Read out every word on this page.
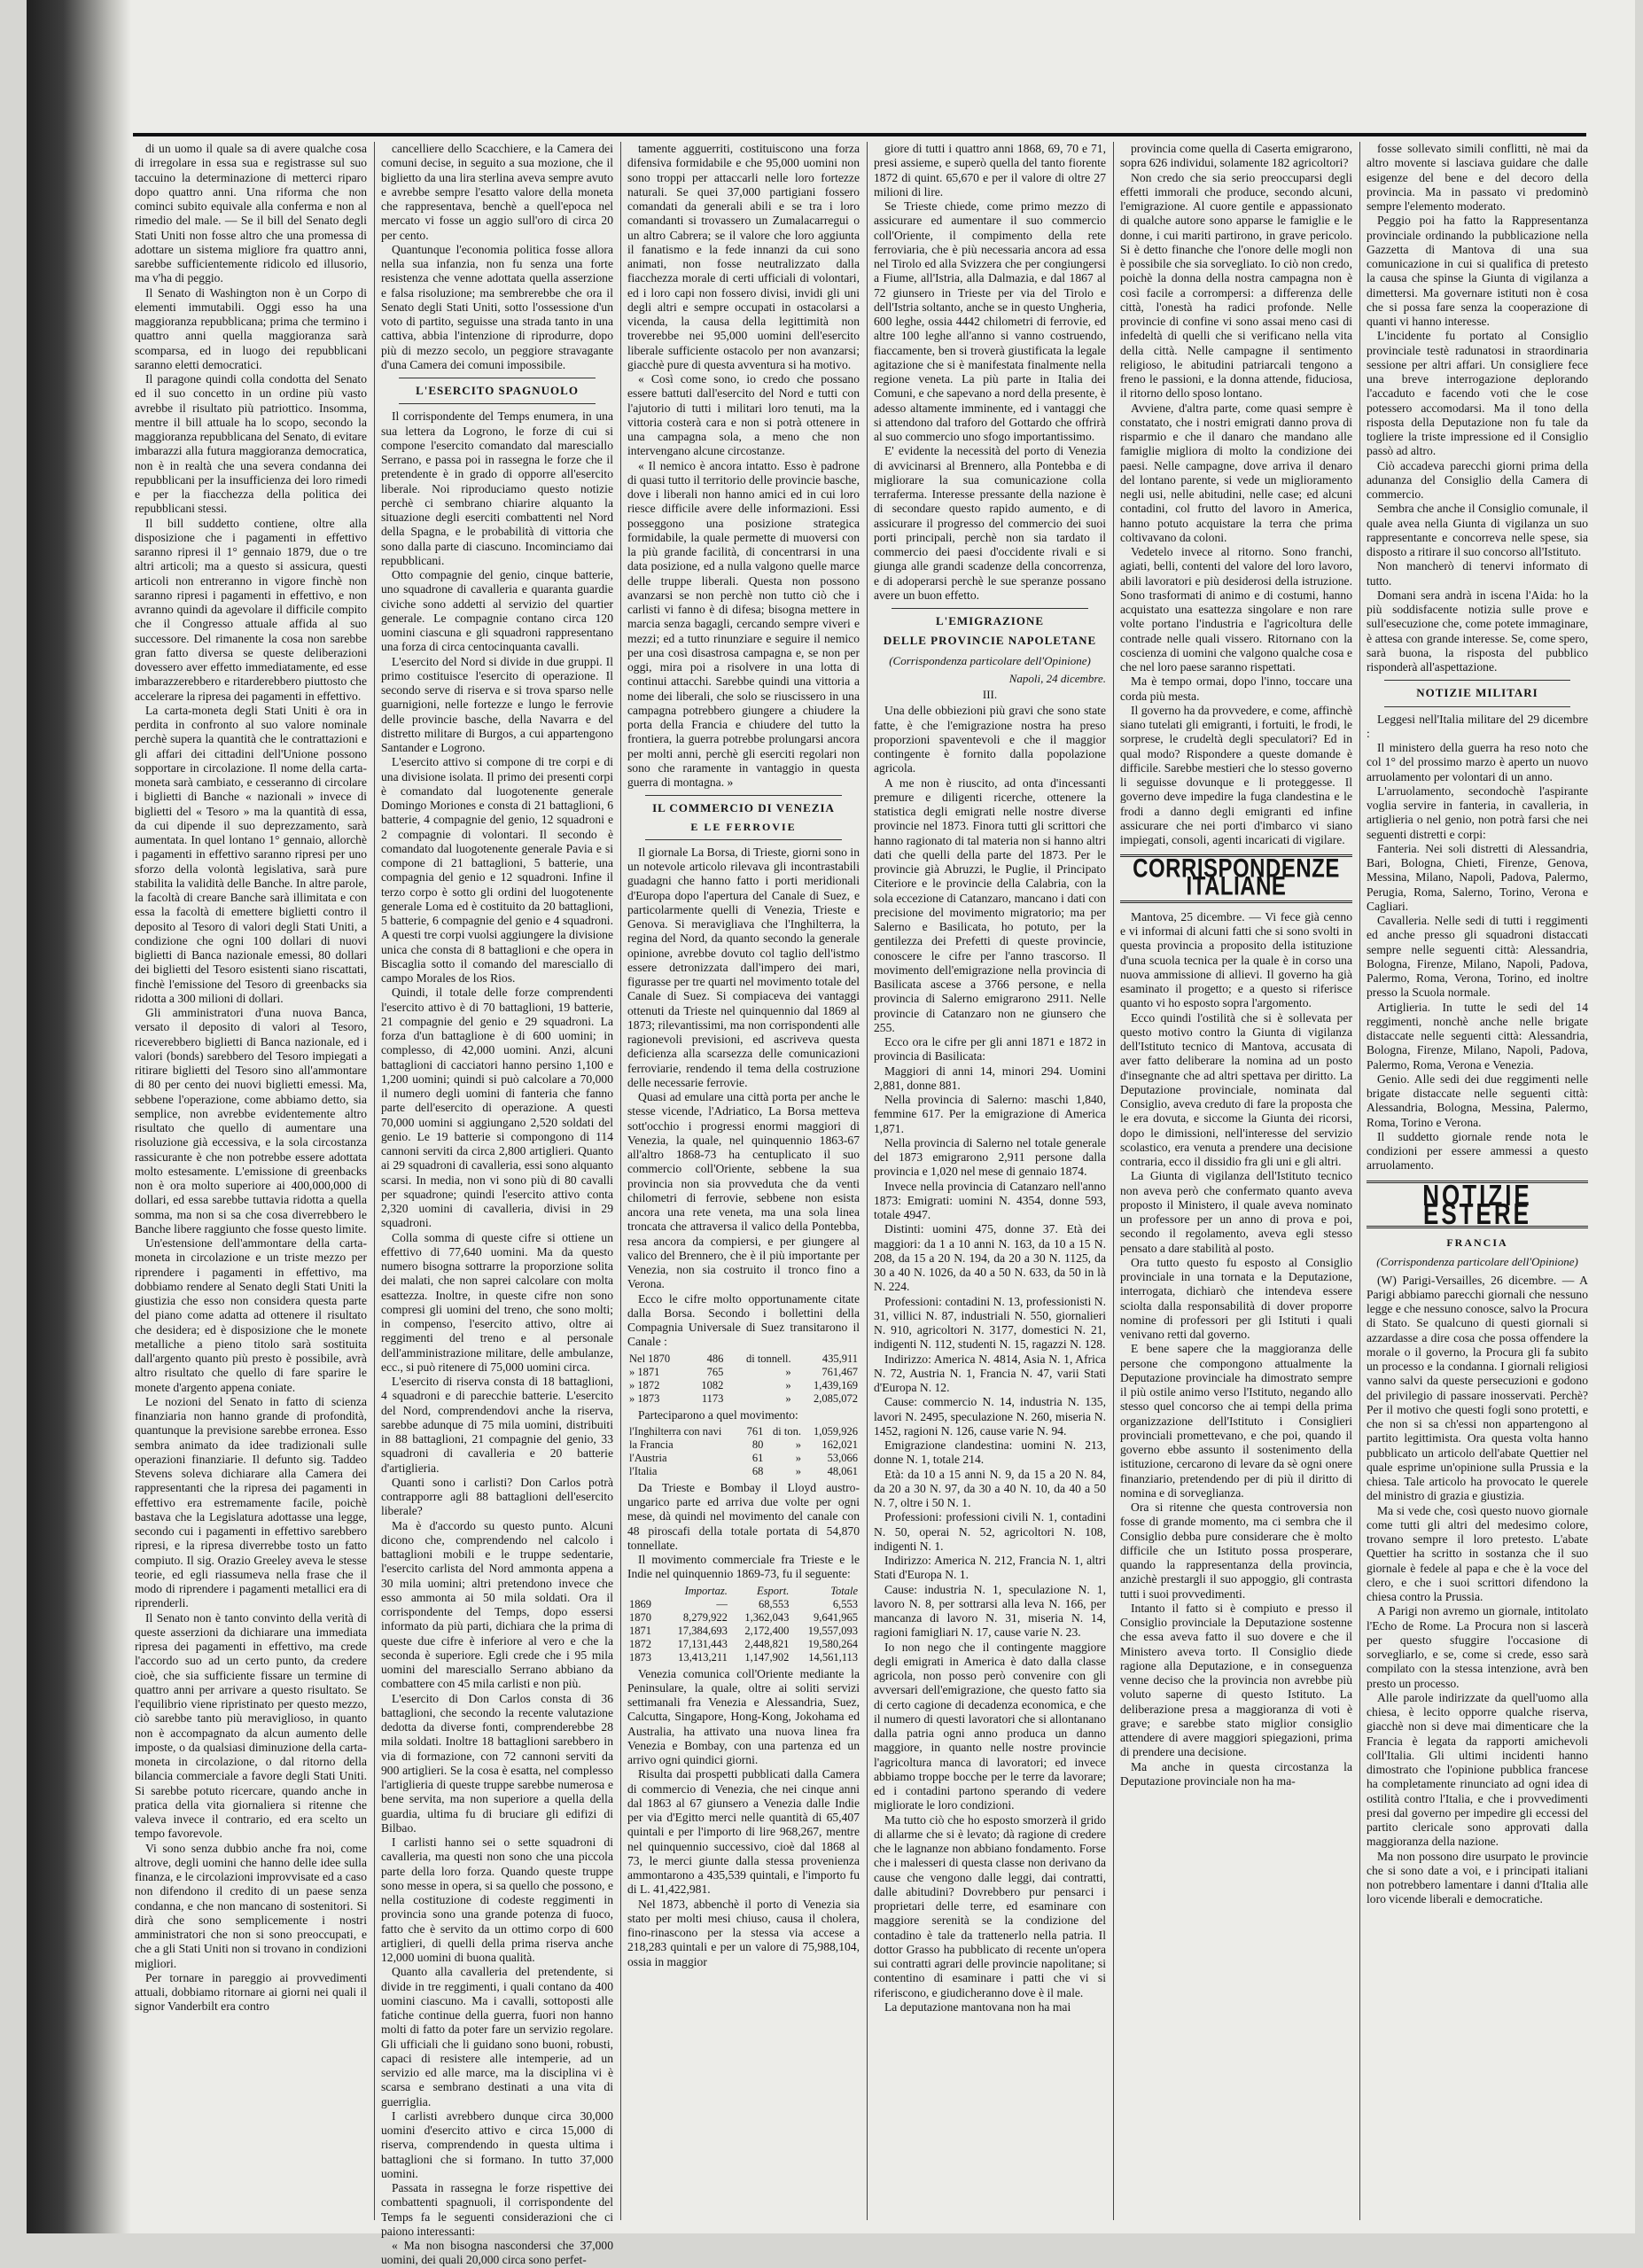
di un uomo il quale sa di avere qualche cosa di irregolare in essa sua e registrasse sul suo taccuino la determinazione di metterci riparo dopo quattro anni. Una riforma che non cominci subito equivale alla conferma e non al rimedio del male. — Se il bill del Senato degli Stati Uniti non fosse altro che una promessa di adottare un sistema migliore fra quattro anni, sarebbe sufficientemente ridicolo ed illusorio, ma v'ha di peggio.

Il Senato di Washington non è un Corpo di elementi immutabili. Oggi esso ha una maggioranza repubblicana; prima che termino i quattro anni quella maggioranza sarà scomparsa, ed in luogo dei repubblicani saranno eletti democratici.

Il paragone quindi colla condotta del Senato ed il suo concetto in un ordine più vasto avrebbe il risultato più patriottico. Insomma, mentre il bill attuale ha lo scopo, secondo la maggioranza repubblicana del Senato, di evitare imbarazzi alla futura maggioranza democratica, non è in realtà che una severa condanna dei repubblicani per la insufficienza dei loro rimedi e per la fiacchezza della politica dei repubblicani stessi.

Il bill suddetto contiene, oltre alla disposizione che i pagamenti in effettivo saranno ripresi il 1° gennaio 1879, due o tre altri articoli; ma a questo si assicura, questi articoli non entreranno in vigore finchè non saranno ripresi i pagamenti in effettivo, e non avranno quindi da agevolare il difficile compito che il Congresso attuale affida al suo successore. Del rimanente la cosa non sarebbe gran fatto diversa se queste deliberazioni dovessero aver effetto immediatamente, ed esse imbarazzerebbero e ritarderebbero piuttosto che accelerare la ripresa dei pagamenti in effettivo.

La carta-moneta degli Stati Uniti è ora in perdita in confronto al suo valore nominale perchè supera la quantità che le contrattazioni e gli affari dei cittadini dell'Unione possono sopportare in circolazione. Il nome della carta-moneta sarà cambiato, e cesseranno di circolare i biglietti di Banche « nazionali » invece di biglietti del « Tesoro » ma la quantità di essa, da cui dipende il suo deprezzamento, sarà aumentata. In quel lontano 1° gennaio, allorchè i pagamenti in effettivo saranno ripresi per uno sforzo della volontà legislativa, sarà pure stabilita la validità delle Banche. In altre parole, la facoltà di creare Banche sarà illimitata e con essa la facoltà di emettere biglietti contro il deposito al Tesoro di valori degli Stati Uniti, a condizione che ogni 100 dollari di nuovi biglietti di Banca nazionale emessi, 80 dollari dei biglietti del Tesoro esistenti siano riscattati, finchè l'emissione del Tesoro di greenbacks sia ridotta a 300 milioni di dollari.

Gli amministratori d'una nuova Banca, versato il deposito di valori al Tesoro, riceverebbero biglietti di Banca nazionale, ed i valori (bonds) sarebbero del Tesoro impiegati a ritirare biglietti del Tesoro sino all'ammontare di 80 per cento dei nuovi biglietti emessi. Ma, sebbene l'operazione, come abbiamo detto, sia semplice, non avrebbe evidentemente altro risultato che quello di aumentare una risoluzione già eccessiva, e la sola circostanza rassicurante è che non potrebbe essere adottata molto estesamente. L'emissione di greenbacks non è ora molto superiore ai 400,000,000 di dollari, ed essa sarebbe tuttavia ridotta a quella somma, ma non si sa che cosa diverrebbero le Banche libere raggiunto che fosse questo limite.

Un'estensione dell'ammontare della carta-moneta in circolazione e un triste mezzo per riprendere i pagamenti in effettivo, ma dobbiamo rendere al Senato degli Stati Uniti la giustizia che esso non considera questa parte del piano come adatta ad ottenere il risultato che desidera; ed è disposizione che le monete metalliche a pieno titolo sarà sostituita dall'argento quanto più presto è possibile, avrà altro risultato che quello di fare sparire le monete d'argento appena coniate.

Le nozioni del Senato in fatto di scienza finanziaria non hanno grande di profondità, quantunque la previsione sarebbe erronea. Esso sembra animato da idee tradizionali sulle operazioni finanziarie. Il defunto sig. Taddeo Stevens soleva dichiarare alla Camera dei rappresentanti che la ripresa dei pagamenti in effettivo era estremamente facile, poichè bastava che la Legislatura adottasse una legge, secondo cui i pagamenti in effettivo sarebbero ripresi, e la ripresa diverrebbe tosto un fatto compiuto. Il sig. Orazio Greeley aveva le stesse teorie, ed egli riassumeva nella frase che il modo di riprendere i pagamenti metallici era di riprenderli.

Il Senato non è tanto convinto della verità di queste asserzioni da dichiarare una immediata ripresa dei pagamenti in effettivo, ma crede l'accordo suo ad un certo punto, da credere cioè, che sia sufficiente fissare un termine di quattro anni per arrivare a questo risultato. Se l'equilibrio viene ripristinato per questo mezzo, ciò sarebbe tanto più meraviglioso, in quanto non è accompagnato da alcun aumento delle imposte, o da qualsiasi diminuzione della carta-moneta in circolazione, o dal ritorno della bilancia commerciale a favore degli Stati Uniti. Si sarebbe potuto ricercare, quando anche in pratica della vita giornaliera si ritenne che valeva invece il contrario, ed era scelto un tempo favorevole.

Vi sono senza dubbio anche fra noi, come altrove, degli uomini che hanno delle idee sulla finanza, e le circolazioni improvvisate ed a caso non difendono il credito di un paese senza condanna, e che non mancano di sostenitori. Si dirà che sono semplicemente i nostri amministratori che non si sono preoccupati, e che a gli Stati Uniti non si trovano in condizioni migliori.

Per tornare in pareggio ai provvedimenti attuali, dobbiamo ritornare ai giorni nei quali il signor Vanderbilt era contro

cancelliere dello Scacchiere, e la Camera dei comuni decise, in seguito a sua mozione, che il biglietto da una lira sterlina aveva sempre avuto e avrebbe sempre l'esatto valore della moneta che rappresentava, benchè a quell'epoca nel mercato vi fosse un aggio sull'oro di circa 20 per cento.

Quantunque l'economia politica fosse allora nella sua infanzia, non fu senza una forte resistenza che venne adottata quella asserzione e falsa risoluzione; ma sembrerebbe che ora il Senato degli Stati Uniti, sotto l'ossessione d'un voto di partito, seguisse una strada tanto in una cattiva, abbia l'intenzione di riprodurre, dopo più di mezzo secolo, un peggiore stravagante d'una Camera dei comuni impossibile.

L'ESERCITO SPAGNUOLO

Il corrispondente del Temps enumera, in una sua lettera da Logrono, le forze di cui si compone l'esercito comandato dal maresciallo Serrano, e passa poi in rassegna le forze che il pretendente è in grado di opporre all'esercito liberale. Noi riproduciamo questo notizie perchè ci sembrano chiarire alquanto la situazione degli eserciti combattenti nel Nord della Spagna, e le probabilità di vittoria che sono dalla parte di ciascuno. Incominciamo dai repubblicani.

Otto compagnie del genio, cinque batterie, uno squadrone di cavalleria e quaranta guardie civiche sono addetti al servizio del quartier generale. Le compagnie contano circa 120 uomini ciascuna e gli squadroni rappresentano una forza di circa centocinquanta cavalli.

L'esercito del Nord si divide in due gruppi. Il primo costituisce l'esercito di operazione. Il secondo serve di riserva e si trova sparso nelle guarnigioni, nelle fortezze e lungo le ferrovie delle provincie basche, della Navarra e del distretto militare di Burgos, a cui appartengono Santander e Logrono.

L'esercito attivo si compone di tre corpi e di una divisione isolata. Il primo dei presenti corpi è comandato dal luogotenente generale Domingo Moriones e consta di 21 battaglioni, 6 batterie, 4 compagnie del genio, 12 squadroni e 2 compagnie di volontari. Il secondo è comandato dal luogotenente generale Pavia e si compone di 21 battaglioni, 5 batterie, una compagnia del genio e 12 squadroni. Infine il terzo corpo è sotto gli ordini del luogotenente generale Loma ed è costituito da 20 battaglioni, 5 batterie, 6 compagnie del genio e 4 squadroni. A questi tre corpi vuolsi aggiungere la divisione unica che consta di 8 battaglioni e che opera in Biscaglia sotto il comando del maresciallo di campo Morales de los Rios.

Quindi, il totale delle forze comprendenti l'esercito attivo è di 70 battaglioni, 19 batterie, 21 compagnie del genio e 29 squadroni. La forza d'un battaglione è di 600 uomini; in complesso, di 42,000 uomini. Anzi, alcuni battaglioni di cacciatori hanno persino 1,100 e 1,200 uomini; quindi si può calcolare a 70,000 il numero degli uomini di fanteria che fanno parte dell'esercito di operazione. A questi 70,000 uomini si aggiungano 2,520 soldati del genio. Le 19 batterie si compongono di 114 cannoni serviti da circa 2,800 artiglieri. Quanto ai 29 squadroni di cavalleria, essi sono alquanto scarsi. In media, non vi sono più di 80 cavalli per squadrone; quindi l'esercito attivo conta 2,320 uomini di cavalleria, divisi in 29 squadroni.

Colla somma di queste cifre si ottiene un effettivo di 77,640 uomini. Ma da questo numero bisogna sottrarre la proporzione solita dei malati, che non saprei calcolare con molta esattezza. Inoltre, in queste cifre non sono compresi gli uomini del treno, che sono molti; in compenso, l'esercito attivo, oltre ai reggimenti del treno e al personale dell'amministrazione militare, delle ambulanze, ecc., si può ritenere di 75,000 uomini circa.

L'esercito di riserva consta di 18 battaglioni, 4 squadroni e di parecchie batterie. L'esercito del Nord, comprendendovi anche la riserva, sarebbe adunque di 75 mila uomini, distribuiti in 88 battaglioni, 21 compagnie del genio, 33 squadroni di cavalleria e 20 batterie d'artiglieria.

Quanti sono i carlisti? Don Carlos potrà contrapporre agli 88 battaglioni dell'esercito liberale?

Ma è d'accordo su questo punto. Alcuni dicono che, comprendendo nel calcolo i battaglioni mobili e le truppe sedentarie, l'esercito carlista del Nord ammonta appena a 30 mila uomini; altri pretendono invece che esso ammonta ai 50 mila soldati. Ora il corrispondente del Temps, dopo essersi informato da più parti, dichiara che la prima di queste due cifre è inferiore al vero e che la seconda è superiore. Egli crede che i 95 mila uomini del maresciallo Serrano abbiano da combattere con 45 mila carlisti e non più.

L'esercito di Don Carlos consta di 36 battaglioni, che secondo la recente valutazione dedotta da diverse fonti, comprenderebbe 28 mila soldati. Inoltre 18 battaglioni sarebbero in via di formazione, con 72 cannoni serviti da 900 artiglieri. Se la cosa è esatta, nel complesso l'artiglieria di queste truppe sarebbe numerosa e bene servita, ma non superiore a quella della guardia, ultima fu di bruciare gli edifizi di Bilbao.

I carlisti hanno sei o sette squadroni di cavalleria, ma questi non sono che una piccola parte della loro forza. Quando queste truppe sono messe in opera, si sa quello che possono, e nella costituzione di codeste reggimenti in provincia sono una grande potenza di fuoco, fatto che è servito da un ottimo corpo di 600 artiglieri, di quelli della prima riserva anche 12,000 uomini di buona qualità.

Quanto alla cavalleria del pretendente, si divide in tre reggimenti, i quali contano da 400 uomini ciascuno. Ma i cavalli, sottoposti alle fatiche continue della guerra, fuori non hanno molti di fatto da poter fare un servizio regolare. Gli ufficiali che li guidano sono buoni, robusti, capaci di resistere alle intemperie, ad un servizio ed alle marce, ma la disciplina vi è scarsa e sembrano destinati a una vita di guerriglia.

I carlisti avrebbero dunque circa 30,000 uomini d'esercito attivo e circa 15,000 di riserva, comprendendo in questa ultima i battaglioni che si formano. In tutto 37,000 uomini.

Passata in rassegna le forze rispettive dei combattenti spagnuoli, il corrispondente del Temps fa le seguenti considerazioni che ci paiono interessanti:

« Ma non bisogna nascondersi che 37,000 uomini, dei quali 20,000 circa sono perfet-

tamente agguerriti, costituiscono una forza difensiva formidabile e che 95,000 uomini non sono troppi per attaccarli nelle loro fortezze naturali. Se quei 37,000 partigiani fossero comandati da generali abili e se tra i loro comandanti si trovassero un Zumalacarregui o un altro Cabrera; se il valore che loro aggiunta il fanatismo e la fede innanzi da cui sono animati, non fosse neutralizzato dalla fiacchezza morale di certi ufficiali di volontari, ed i loro capi non fossero divisi, invidi gli uni degli altri e sempre occupati in ostacolarsi a vicenda, la causa della legittimità non troverebbe nei 95,000 uomini dell'esercito liberale sufficiente ostacolo per non avanzarsi; giacchè pure di questa avventura si ha motivo.

« Così come sono, io credo che possano essere battuti dall'esercito del Nord e tutti con l'ajutorio di tutti i militari loro tenuti, ma la vittoria costerà cara e non si potrà ottenere in una campagna sola, a meno che non intervengano alcune circostanze.

« Il nemico è ancora intatto. Esso è padrone di quasi tutto il territorio delle provincie basche, dove i liberali non hanno amici ed in cui loro riesce difficile avere delle informazioni. Essi posseggono una posizione strategica formidabile, la quale permette di muoversi con la più grande facilità, di concentrarsi in una data posizione, ed a nulla valgono quelle marce delle truppe liberali. Questa non possono avanzarsi se non perchè non tutto ciò che i carlisti vi fanno è di difesa; bisogna mettere in marcia senza bagagli, cercando sempre viveri e mezzi; ed a tutto rinunziare e seguire il nemico per una così disastrosa campagna e, se non per oggi, mira poi a risolvere in una lotta di continui attacchi. Sarebbe quindi una vittoria a nome dei liberali, che solo se riuscissero in una campagna potrebbero giungere a chiudere la porta della Francia e chiudere del tutto la frontiera, la guerra potrebbe prolungarsi ancora per molti anni, perchè gli eserciti regolari non sono che raramente in vantaggio in questa guerra di montagna. »

IL COMMERCIO DI VENEZIA
E LE FERROVIE

Il giornale La Borsa, di Trieste, giorni sono in un notevole articolo rilevava gli incontrastabili guadagni che hanno fatto i porti meridionali d'Europa dopo l'apertura del Canale di Suez, e particolarmente quelli di Venezia, Trieste e Genova. Si meravigliava che l'Inghilterra, la regina del Nord, da quanto secondo la generale opinione, avrebbe dovuto col taglio dell'istmo essere detronizzata dall'impero dei mari, figurasse per tre quarti nel movimento totale del Canale di Suez. Si compiaceva dei vantaggi ottenuti da Trieste nel quinquennio dal 1869 al 1873; rilevantissimi, ma non corrispondenti alle ragionevoli previsioni, ed ascriveva questa deficienza alla scarsezza delle comunicazioni ferroviarie, rendendo il tema della costruzione delle necessarie ferrovie.

Quasi ad emulare una città porta per anche le stesse vicende, l'Adriatico, La Borsa metteva sott'occhio i progressi enormi maggiori di Venezia, la quale, nel quinquennio 1863-67 all'altro 1868-73 ha centuplicato il suo commercio coll'Oriente, sebbene la sua provincia non sia provveduta che da venti chilometri di ferrovie, sebbene non esista ancora una rete veneta, ma una sola linea troncata che attraversa il valico della Pontebba, resa ancora da compiersi, e per giungere al valico del Brennero, che è il più importante per Venezia, non sia costruito il tronco fino a Verona.

Ecco le cifre molto opportunamente citate dalla Borsa. Secondo i bollettini della Compagnia Universale di Suez transitarono il Canale :

Nel 1870	486	di tonnell.	435,911
» 1871	765	»	761,467
» 1872	1082	»	1,439,169
» 1873	1173	»	2,085,072

Parteciparono a quel movimento:

l'Inghilterra con navi	761	di ton.	1,059,926
la Francia	80	»	162,021
l'Austria	61	»	53,066
l'Italia	68	»	48,061

Da Trieste e Bombay il Lloyd austro-ungarico parte ed arriva due volte per ogni mese, dà quindi nel movimento del canale con 48 piroscafi della totale portata di 54,870 tonnellate.

Il movimento commerciale fra Trieste e le Indie nel quinquennio 1869-73, fu il seguente:

	Importaz.	Esport.	Totale
1869	—	68,553	6,553
1870	8,279,922	1,362,043	9,641,965
1871	17,384,693	2,172,400	19,557,093
1872	17,131,443	2,448,821	19,580,264
1873	13,413,211	1,147,902	14,561,113

Venezia comunica coll'Oriente mediante la Peninsulare, la quale, oltre ai soliti servizi settimanali fra Venezia e Alessandria, Suez, Calcutta, Singapore, Hong-Kong, Jokohama ed Australia, ha attivato una nuova linea fra Venezia e Bombay, con una partenza ed un arrivo ogni quindici giorni.

Risulta dai prospetti pubblicati dalla Camera di commercio di Venezia, che nei cinque anni dal 1863 al 67 giunsero a Venezia dalle Indie per via d'Egitto merci nelle quantità di 65,407 quintali e per l'importo di lire 968,267, mentre nel quinquennio successivo, cioè dal 1868 al 73, le merci giunte dalla stessa provenienza ammontarono a 435,539 quintali, e l'importo fu di L. 41,422,981.

Nel 1873, abbenchè il porto di Venezia sia stato per molti mesi chiuso, causa il cholera, fino-rinascono per la stessa via accese a 218,283 quintali e per un valore di 75,988,104, ossia in maggior

giore di tutti i quattro anni 1868, 69, 70 e 71, presi assieme, e superò quella del tanto fiorente 1872 di quint. 65,670 e per il valore di oltre 27 milioni di lire.

Se Trieste chiede, come primo mezzo di assicurare ed aumentare il suo commercio coll'Oriente, il compimento della rete ferroviaria, che è più necessaria ancora ad essa nel Tirolo ed alla Svizzera che per congiungersi a Fiume, all'Istria, alla Dalmazia, e dal 1867 al 72 giunsero in Trieste per via del Tirolo e dell'Istria soltanto, anche se in questo Ungheria, 600 leghe, ossia 4442 chilometri di ferrovie, ed altre 100 leghe all'anno si vanno costruendo, fiaccamente, ben si troverà giustificata la legale agitazione che si è manifestata finalmente nella regione veneta. La più parte in Italia dei Comuni, e che sapevano a nord della presente, è adesso altamente imminente, ed i vantaggi che si attendono dal traforo del Gottardo che offrirà al suo commercio uno sfogo importantissimo.

E' evidente la necessità del porto di Venezia di avvicinarsi al Brennero, alla Pontebba e di migliorare la sua comunicazione colla terraferma. Interesse pressante della nazione è di secondare questo rapido aumento, e di assicurare il progresso del commercio dei suoi porti principali, perchè non sia tardato il commercio dei paesi d'occidente rivali e si giunga alle grandi scadenze della concorrenza, e di adoperarsi perchè le sue speranze possano avere un buon effetto.

L'EMIGRAZIONE
DELLE PROVINCIE NAPOLETANE
(Corrispondenza particolare dell'Opinione)
Napoli, 24 dicembre.
III.

Una delle obbiezioni più gravi che sono state fatte, è che l'emigrazione nostra ha preso proporzioni spaventevoli e che il maggior contingente è fornito dalla popolazione agricola.

A me non è riuscito, ad onta d'incessanti premure e diligenti ricerche, ottenere la statistica degli emigrati nelle nostre diverse provincie nel 1873. Finora tutti gli scrittori che hanno ragionato di tal materia non si hanno altri dati che quelli della parte del 1873. Per le provincie già Abruzzi, le Puglie, il Principato Citeriore e le provincie della Calabria, con la sola eccezione di Catanzaro, mancano i dati con precisione del movimento migratorio; ma per Salerno e Basilicata, ho potuto, per la gentilezza dei Prefetti di queste provincie, conoscere le cifre per l'anno trascorso. Il movimento dell'emigrazione nella provincia di Basilicata ascese a 3766 persone, e nella provincia di Salerno emigrarono 2911. Nelle provincie di Catanzaro non ne giunsero che 255.

Ecco ora le cifre per gli anni 1871 e 1872 in provincia di Basilicata:

Maggiori di anni 14, minori 294. Uomini 2,881, donne 881.

Nella provincia di Salerno: maschi 1,840, femmine 617. Per la emigrazione di America 1,871.

Nella provincia di Salerno nel totale generale del 1873 emigrarono 2,911 persone dalla provincia e 1,020 nel mese di gennaio 1874.

Invece nella provincia di Catanzaro nell'anno 1873: Emigrati: uomini N. 4354, donne 593, totale 4947.

Distinti: uomini 475, donne 37. Età dei maggiori: da 1 a 10 anni N. 163, da 10 a 15 N. 208, da 15 a 20 N. 194, da 20 a 30 N. 1125, da 30 a 40 N. 1026, da 40 a 50 N. 633, da 50 in là N. 224.

Professioni: contadini N. 13, professionisti N. 31, villici N. 87, industriali N. 550, giornalieri N. 910, agricoltori N. 3177, domestici N. 21, indigenti N. 112, studenti N. 15, ragazzi N. 128.

Indirizzo: America N. 4814, Asia N. 1, Africa N. 72, Austria N. 1, Francia N. 47, varii Stati d'Europa N. 12.

Cause: commercio N. 14, industria N. 135, lavori N. 2495, speculazione N. 260, miseria N. 1452, ragioni N. 126, cause varie N. 94.

Emigrazione clandestina: uomini N. 213, donne N. 1, totale 214.

Età: da 10 a 15 anni N. 9, da 15 a 20 N. 84, da 20 a 30 N. 97, da 30 a 40 N. 10, da 40 a 50 N. 7, oltre i 50 N. 1.

Professioni: professioni civili N. 1, contadini N. 50, operai N. 52, agricoltori N. 108, indigenti N. 1.

Indirizzo: America N. 212, Francia N. 1, altri Stati d'Europa N. 1.

Cause: industria N. 1, speculazione N. 1, lavoro N. 8, per sottrarsi alla leva N. 166, per mancanza di lavoro N. 31, miseria N. 14, ragioni famigliari N. 17, cause varie N. 23.

Io non nego che il contingente maggiore degli emigrati in America è dato dalla classe agricola, non posso però convenire con gli avversari dell'emigrazione, che questo fatto sia di certo cagione di decadenza economica, e che il numero di questi lavoratori che si allontanano dalla patria ogni anno produca un danno maggiore, in quanto nelle nostre provincie l'agricoltura manca di lavoratori; ed invece abbiamo troppe bocche per le terre da lavorare; ed i contadini partono sperando di vedere migliorate le loro condizioni.

Ma tutto ciò che ho esposto smorzerà il grido di allarme che si è levato; dà ragione di credere che le lagnanze non abbiano fondamento. Forse che i malesseri di questa classe non derivano da cause che vengono dalle leggi, dai contratti, dalle abitudini? Dovrebbero pur pensarci i proprietari delle terre, ed esaminare con maggiore serenità se la condizione del contadino è tale da trattenerlo nella patria. Il dottor Grasso ha pubblicato di recente un'opera sui contratti agrari delle provincie napolitane; si contentino di esaminare i patti che vi si riferiscono, e giudicheranno dove è il male.

La deputazione mantovana non ha mai

provincia come quella di Caserta emigrarono, sopra 626 individui, solamente 182 agricoltori?

Non credo che sia serio preoccuparsi degli effetti immorali che produce, secondo alcuni, l'emigrazione. Al cuore gentile e appassionato di qualche autore sono apparse le famiglie e le donne, i cui mariti partirono, in grave pericolo. Si è detto finanche che l'onore delle mogli non è possibile che sia sorvegliato. Io ciò non credo, poichè la donna della nostra campagna non è così facile a corrompersi: a differenza delle città, l'onestà ha radici profonde. Nelle provincie di confine vi sono assai meno casi di infedeltà di quelli che si verificano nella vita della città. Nelle campagne il sentimento religioso, le abitudini patriarcali tengono a freno le passioni, e la donna attende, fiduciosa, il ritorno dello sposo lontano.

Avviene, d'altra parte, come quasi sempre è constatato, che i nostri emigrati danno prova di risparmio e che il danaro che mandano alle famiglie migliora di molto la condizione dei paesi. Nelle campagne, dove arriva il denaro del lontano parente, si vede un miglioramento negli usi, nelle abitudini, nelle case; ed alcuni contadini, col frutto del lavoro in America, hanno potuto acquistare la terra che prima coltivavano da coloni.

Vedetelo invece al ritorno. Sono franchi, agiati, belli, contenti del valore del loro lavoro, abili lavoratori e più desiderosi della istruzione. Sono trasformati di animo e di costumi, hanno acquistato una esattezza singolare e non rare volte portano l'industria e l'agricoltura delle contrade nelle quali vissero. Ritornano con la coscienza di uomini che valgono qualche cosa e che nel loro paese saranno rispettati.

Ma è tempo ormai, dopo l'inno, toccare una corda più mesta.

Il governo ha da provvedere, e come, affinchè siano tutelati gli emigranti, i fortuiti, le frodi, le sorprese, le crudeltà degli speculatori? Ed in qual modo? Rispondere a queste domande è difficile. Sarebbe mestieri che lo stesso governo li seguisse dovunque e li proteggesse. Il governo deve impedire la fuga clandestina e le frodi a danno degli emigranti ed infine assicurare che nei porti d'imbarco vi siano impiegati, consoli, agenti incaricati di vigilare.

CORRISPONDENZE ITALIANE

Mantova, 25 dicembre. — Vi fece già cenno e vi informai di alcuni fatti che si sono svolti in questa provincia a proposito della istituzione d'una scuola tecnica per la quale è in corso una nuova ammissione di allievi. Il governo ha già esaminato il progetto; e a questo si riferisce quanto vi ho esposto sopra l'argomento.

Ecco quindi l'ostilità che si è sollevata per questo motivo contro la Giunta di vigilanza dell'Istituto tecnico di Mantova, accusata di aver fatto deliberare la nomina ad un posto d'insegnante che ad altri spettava per diritto. La Deputazione provinciale, nominata dal Consiglio, aveva creduto di fare la proposta che le era dovuta, e siccome la Giunta dei ricorsi, dopo le dimissioni, nell'interesse del servizio scolastico, era venuta a prendere una decisione contraria, ecco il dissidio fra gli uni e gli altri.

La Giunta di vigilanza dell'Istituto tecnico non aveva però che confermato quanto aveva proposto il Ministero, il quale aveva nominato un professore per un anno di prova e poi, secondo il regolamento, aveva egli stesso pensato a dare stabilità al posto.

Ora tutto questo fu esposto al Consiglio provinciale in una tornata e la Deputazione, interrogata, dichiarò che intendeva essere sciolta dalla responsabilità di dover proporre nomine di professori per gli Istituti i quali venivano retti dal governo.

E bene sapere che la maggioranza delle persone che compongono attualmente la Deputazione provinciale ha dimostrato sempre il più ostile animo verso l'Istituto, negando allo stesso quel concorso che ai tempi della prima organizzazione dell'Istituto i Consiglieri provinciali promettevano, e che poi, quando il governo ebbe assunto il sostenimento della istituzione, cercarono di levare da sè ogni onere finanziario, pretendendo per di più il diritto di nomina e di sorveglianza.

Ora si ritenne che questa controversia non fosse di grande momento, ma ci sembra che il Consiglio debba pure considerare che è molto difficile che un Istituto possa prosperare, quando la rappresentanza della provincia, anzichè prestargli il suo appoggio, gli contrasta tutti i suoi provvedimenti.

Intanto il fatto si è compiuto e presso il Consiglio provinciale la Deputazione sostenne che essa aveva fatto il suo dovere e che il Ministero aveva torto. Il Consiglio diede ragione alla Deputazione, e in conseguenza venne deciso che la provincia non avrebbe più voluto saperne di questo Istituto. La deliberazione presa a maggioranza di voti è grave; e sarebbe stato miglior consiglio attendere di avere maggiori spiegazioni, prima di prendere una decisione.

Ma anche in questa circostanza la Deputazione provinciale non ha ma-

fosse sollevato simili conflitti, nè mai da altro movente si lasciava guidare che dalle esigenze del bene e del decoro della provincia. Ma in passato vi predominò sempre l'elemento moderato.

Peggio poi ha fatto la Rappresentanza provinciale ordinando la pubblicazione nella Gazzetta di Mantova di una sua comunicazione in cui si qualifica di pretesto la causa che spinse la Giunta di vigilanza a dimettersi. Ma governare istituti non è cosa che si possa fare senza la cooperazione di quanti vi hanno interesse.

L'incidente fu portato al Consiglio provinciale testè radunatosi in straordinaria sessione per altri affari. Un consigliere fece una breve interrogazione deplorando l'accaduto e facendo voti che le cose potessero accomodarsi. Ma il tono della risposta della Deputazione non fu tale da togliere la triste impressione ed il Consiglio passò ad altro.

Ciò accadeva parecchi giorni prima della adunanza del Consiglio della Camera di commercio.

Sembra che anche il Consiglio comunale, il quale avea nella Giunta di vigilanza un suo rappresentante e concorreva nelle spese, sia disposto a ritirare il suo concorso all'Istituto.

Non mancherò di tenervi informato di tutto.

Domani sera andrà in iscena l'Aida: ho la più soddisfacente notizia sulle prove e sull'esecuzione che, come potete immaginare, è attesa con grande interesse. Se, come spero, sarà buona, la risposta del pubblico risponderà all'aspettazione.

NOTIZIE MILITARI

Leggesi nell'Italia militare del 29 dicembre :

Il ministero della guerra ha reso noto che col 1° del prossimo marzo è aperto un nuovo arruolamento per volontari di un anno.

L'arruolamento, secondochè l'aspirante voglia servire in fanteria, in cavalleria, in artiglieria o nel genio, non potrà farsi che nei seguenti distretti e corpi:

Fanteria. Nei soli distretti di Alessandria, Bari, Bologna, Chieti, Firenze, Genova, Messina, Milano, Napoli, Padova, Palermo, Perugia, Roma, Salerno, Torino, Verona e Cagliari.

Cavalleria. Nelle sedi di tutti i reggimenti ed anche presso gli squadroni distaccati sempre nelle seguenti città: Alessandria, Bologna, Firenze, Milano, Napoli, Padova, Palermo, Roma, Verona, Torino, ed inoltre presso la Scuola normale.

Artiglieria. In tutte le sedi del 14 reggimenti, nonchè anche nelle brigate distaccate nelle seguenti città: Alessandria, Bologna, Firenze, Milano, Napoli, Padova, Palermo, Roma, Verona e Venezia.

Genio. Alle sedi dei due reggimenti nelle brigate distaccate nelle seguenti città: Alessandria, Bologna, Messina, Palermo, Roma, Torino e Verona.

Il suddetto giornale rende nota le condizioni per essere ammessi a questo arruolamento.

NOTIZIE ESTERE
FRANCIA
(Corrispondenza particolare dell'Opinione)

(W) Parigi-Versailles, 26 dicembre. — A Parigi abbiamo parecchi giornali che nessuno legge e che nessuno conosce, salvo la Procura di Stato. Se qualcuno di questi giornali si azzardasse a dire cosa che possa offendere la morale o il governo, la Procura gli fa subito un processo e la condanna. I giornali religiosi vanno salvi da queste persecuzioni e godono del privilegio di passare inosservati. Perchè? Per il motivo che questi fogli sono protetti, e che non si sa ch'essi non appartengono al partito legittimista. Ora questa volta hanno pubblicato un articolo dell'abate Quettier nel quale esprime un'opinione sulla Prussia e la chiesa. Tale articolo ha provocato le querele del ministro di grazia e giustizia.

Ma si vede che, così questo nuovo giornale come tutti gli altri del medesimo colore, trovano sempre il loro pretesto. L'abate Quettier ha scritto in sostanza che il suo giornale è fedele al papa e che è la voce del clero, e che i suoi scrittori difendono la chiesa contro la Prussia.

A Parigi non avremo un giornale, intitolato l'Echo de Rome. La Procura non si lascerà per questo sfuggire l'occasione di sorvegliarlo, e se, come si crede, esso sarà compilato con la stessa intenzione, avrà ben presto un processo.

Alle parole indirizzate da quell'uomo alla chiesa, è lecito opporre qualche riserva, giacchè non si deve mai dimenticare che la Francia è legata da rapporti amichevoli coll'Italia. Gli ultimi incidenti hanno dimostrato che l'opinione pubblica francese ha completamente rinunciato ad ogni idea di ostilità contro l'Italia, e che i provvedimenti presi dal governo per impedire gli eccessi del partito clericale sono approvati dalla maggioranza della nazione.

Ma non possono dire usurpato le provincie che si sono date a voi, e i principati italiani non potrebbero lamentare i danni d'Italia alle loro vicende liberali e democratiche.
